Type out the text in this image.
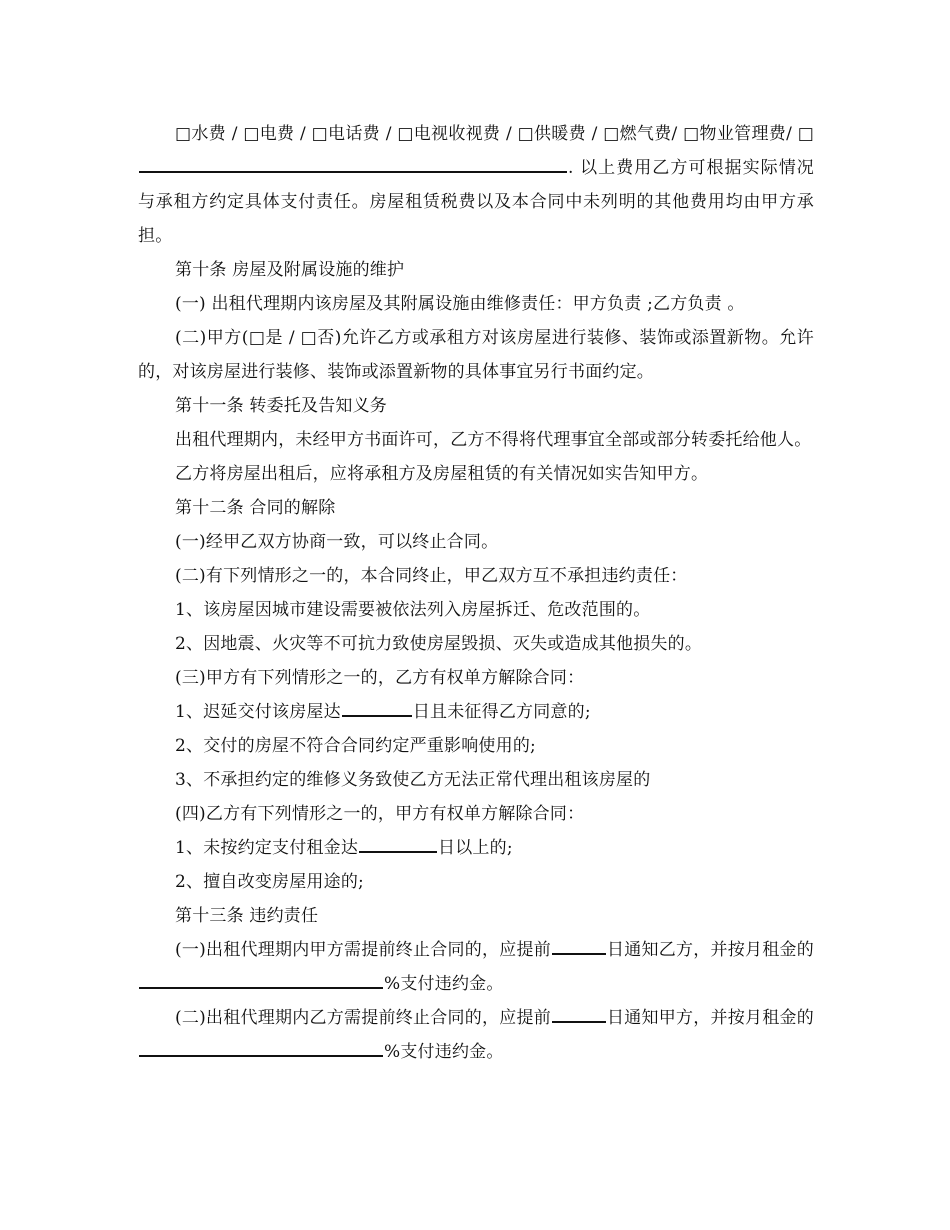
□水费 / □电费 / □电话费 / □电视收视费 / □供暖费 / □燃气费/ □物业管理费/ □. 以上费用乙方可根据实际情况与承租方约定具体支付责任。房屋租赁税费以及本合同中未列明的其他费用均由甲方承担。

第十条 房屋及附属设施的维护

(一) 出租代理期内该房屋及其附属设施由维修责任：甲方负责 ;乙方负责 。

(二)甲方(□是 / □否)允许乙方或承租方对该房屋进行装修、装饰或添置新物。允许的，对该房屋进行装修、装饰或添置新物的具体事宜另行书面约定。

第十一条 转委托及告知义务

出租代理期内，未经甲方书面许可，乙方不得将代理事宜全部或部分转委托给他人。

乙方将房屋出租后，应将承租方及房屋租赁的有关情况如实告知甲方。

第十二条 合同的解除

(一)经甲乙双方协商一致，可以终止合同。

(二)有下列情形之一的，本合同终止，甲乙双方互不承担违约责任：

1、该房屋因城市建设需要被依法列入房屋拆迁、危改范围的。

2、因地震、火灾等不可抗力致使房屋毁损、灭失或造成其他损失的。

(三)甲方有下列情形之一的，乙方有权单方解除合同：

1、迟延交付该房屋达	日且未征得乙方同意的;

2、交付的房屋不符合合同约定严重影响使用的;

3、不承担约定的维修义务致使乙方无法正常代理出租该房屋的

(四)乙方有下列情形之一的，甲方有权单方解除合同：

1、未按约定支付租金达	日以上的;

2、擅自改变房屋用途的;

第十三条 违约责任

(一)出租代理期内甲方需提前终止合同的，应提前	日通知乙方，并按月租金的%支付违约金。

(二)出租代理期内乙方需提前终止合同的，应提前	日通知甲方，并按月租金的%支付违约金。
